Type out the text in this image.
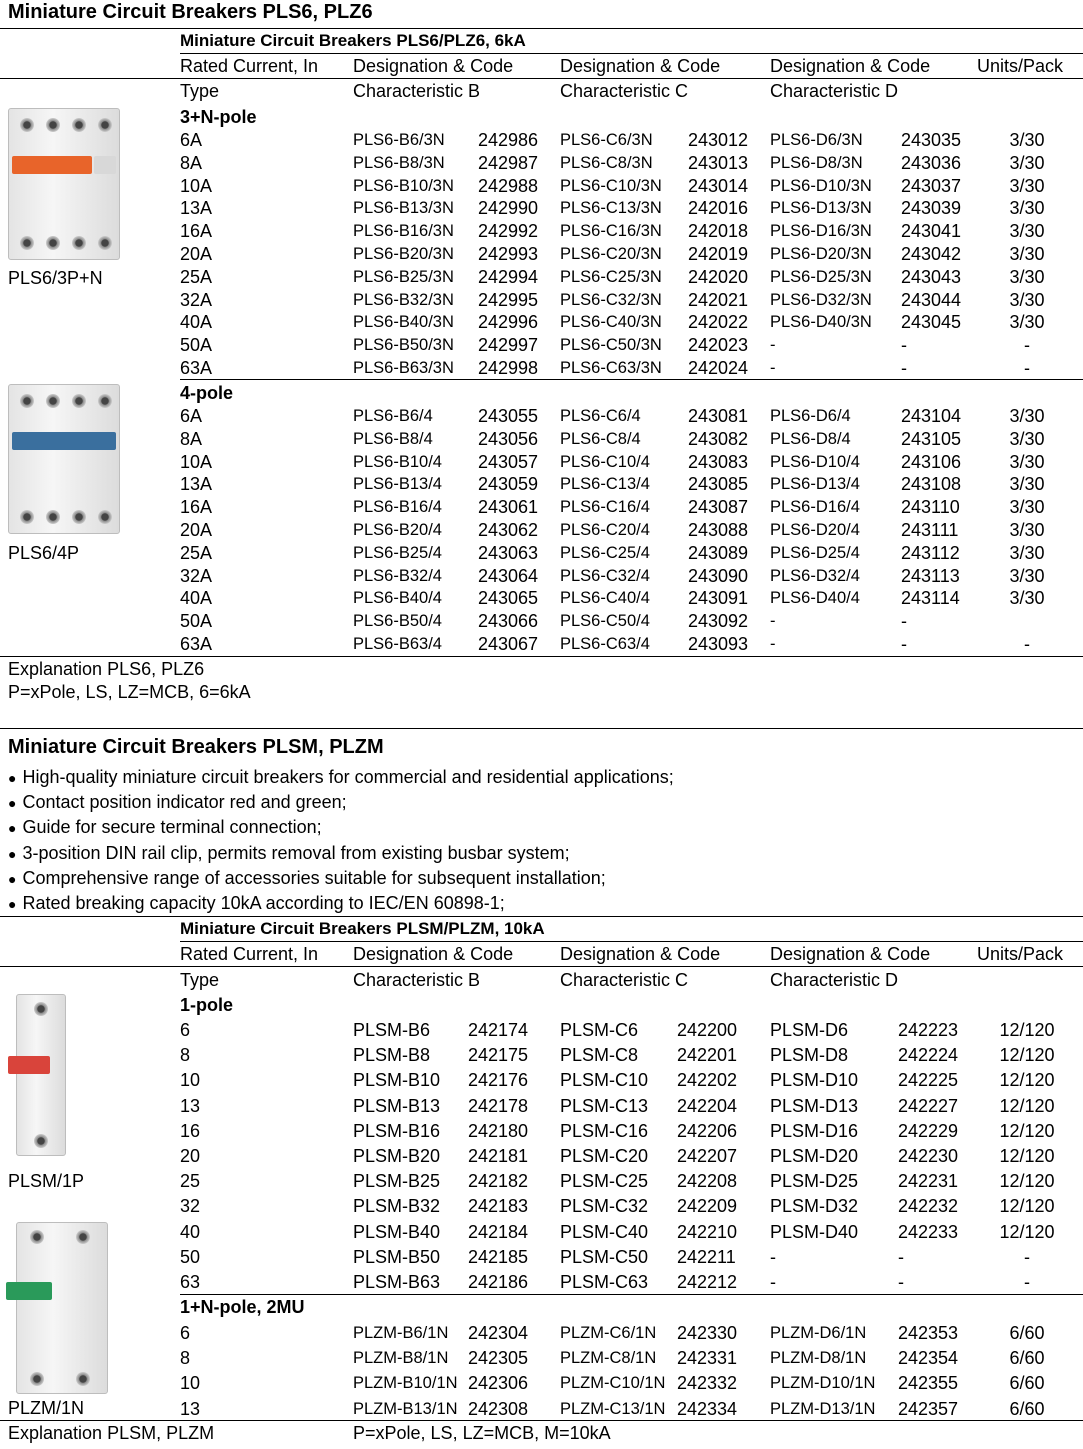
Miniature Circuit Breakers PLS6, PLZ6
Miniature Circuit Breakers PLS6/PLZ6, 6kA
Rated Current, In Designation & Code	Designation & Code	Designation & Code	Units/Pack
Type	Characteristic B	Characteristic C	Characteristic D
3+N-pole
6A	PLS6-B6/3N 242986 PLS6-C6/3N 243012 PLS6-D6/3N 243035	3/30
8A	PLS6-B8/3N 242987 PLS6-C8/3N 243013 PLS6-D8/3N 243036	3/30
10A	PLS6-B10/3N 242988 PLS6-C10/3N 243014 PLS6-D10/3N 243037	3/30
13A	PLS6-B13/3N 242990 PLS6-C13/3N 242016 PLS6-D13/3N 243039	3/30
16A	PLS6-B16/3N 242992 PLS6-C16/3N 242018 PLS6-D16/3N 243041	3/30
20A	PLS6-B20/3N 242993 PLS6-C20/3N 242019 PLS6-D20/3N 243042	3/30
25A	PLS6-B25/3N 242994 PLS6-C25/3N 242020 PLS6-D25/3N 243043	3/30
32A	PLS6-B32/3N 242995 PLS6-C32/3N 242021 PLS6-D32/3N 243044	3/30
40A	PLS6-B40/3N 242996 PLS6-C40/3N 242022 PLS6-D40/3N 243045	3/30
50A	PLS6-B50/3N 242997 PLS6-C50/3N 242023 -	-	-
63A	PLS6-B63/3N 242998 PLS6-C63/3N 242024 -	-	-
4-pole
6A	PLS6-B6/4	243055 PLS6-C6/4	243081 PLS6-D6/4	243104	3/30
8A	PLS6-B8/4	243056 PLS6-C8/4	243082 PLS6-D8/4	243105	3/30
10A	PLS6-B10/4 243057 PLS6-C10/4 243083 PLS6-D10/4 243106	3/30
13A	PLS6-B13/4 243059 PLS6-C13/4 243085 PLS6-D13/4 243108	3/30
16A	PLS6-B16/4 243061 PLS6-C16/4 243087 PLS6-D16/4 243110	3/30
20A	PLS6-B20/4 243062 PLS6-C20/4 243088 PLS6-D20/4 243111	3/30
25A	PLS6-B25/4 243063 PLS6-C25/4 243089 PLS6-D25/4 243112	3/30
32A	PLS6-B32/4 243064 PLS6-C32/4 243090 PLS6-D32/4 243113	3/30
40A	PLS6-B40/4 243065 PLS6-C40/4 243091 PLS6-D40/4 243114	3/30
50A	PLS6-B50/4 243066 PLS6-C50/4 243092 -	-
63A	PLS6-B63/4 243067 PLS6-C63/4 243093 -	-	-
PLS6/3P+N
PLS6/4P
Explanation PLS6, PLZ6
P=xPole, LS, LZ=MCB, 6=6kA
Miniature Circuit Breakers PLSM, PLZM
● High-quality miniature circuit breakers for commercial and residential applications;
● Contact position indicator red and green;
● Guide for secure terminal connection;
● 3-position DIN rail clip, permits removal from existing busbar system;
● Comprehensive range of accessories suitable for subsequent installation;
● Rated breaking capacity 10kA according to IEC/EN 60898-1;
Miniature Circuit Breakers PLSM/PLZM, 10kA
Rated Current, In Designation & Code	Designation & Code	Designation & Code	Units/Pack
Type	Characteristic B	Characteristic C	Characteristic D
1-pole
6	PLSM-B6 242174 PLSM-C6 242200 PLSM-D6	242223	12/120
8	PLSM-B8 242175 PLSM-C8 242201 PLSM-D8	242224	12/120
10	PLSM-B10 242176 PLSM-C10 242202 PLSM-D10 242225	12/120
13	PLSM-B13 242178 PLSM-C13 242204 PLSM-D13 242227	12/120
16	PLSM-B16 242180 PLSM-C16 242206 PLSM-D16 242229	12/120
20	PLSM-B20 242181 PLSM-C20 242207 PLSM-D20 242230	12/120
25	PLSM-B25 242182 PLSM-C25 242208 PLSM-D25 242231	12/120
32	PLSM-B32 242183 PLSM-C32 242209 PLSM-D32 242232	12/120
40	PLSM-B40 242184 PLSM-C40 242210 PLSM-D40 242233	12/120
50	PLSM-B50 242185 PLSM-C50 242211 -	-	-
63	PLSM-B63 242186 PLSM-C63 242212 -	-	-
1+N-pole, 2MU
6	PLZM-B6/1N 242304 PLZM-C6/1N 242330 PLZM-D6/1N 242353	6/60
8	PLZM-B8/1N 242305 PLZM-C8/1N 242331 PLZM-D8/1N 242354	6/60
10	PLZM-B10/1N 242306 PLZM-C10/1N 242332 PLZM-D10/1N 242355	6/60
13	PLZM-B13/1N 242308 PLZM-C13/1N 242334 PLZM-D13/1N 242357	6/60
PLSM/1P
PLZM/1N
Explanation PLSM, PLZM	P=xPole, LS, LZ=MCB, M=10kA
